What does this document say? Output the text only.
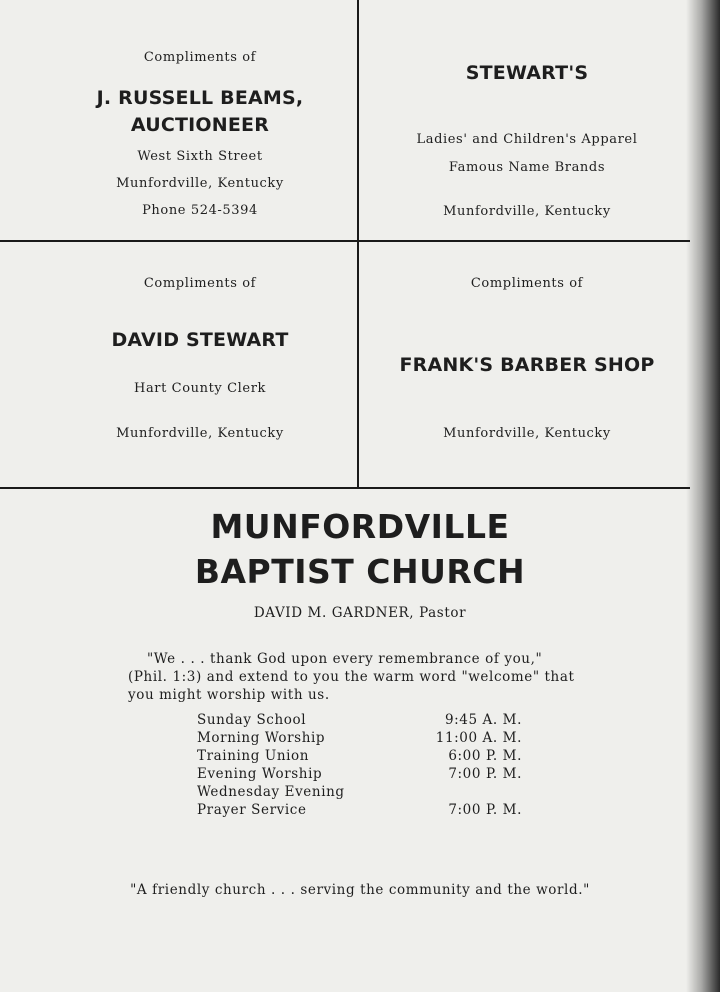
Compliments of
J. RUSSELL BEAMS,
AUCTIONEER
West Sixth Street
Munfordville, Kentucky
Phone 524-5394
STEWART'S
Ladies' and Children's Apparel
Famous Name Brands
Munfordville, Kentucky
Compliments of
DAVID STEWART
Hart County Clerk
Munfordville, Kentucky
Compliments of
FRANK'S BARBER SHOP
Munfordville, Kentucky
MUNFORDVILLE
BAPTIST CHURCH
DAVID M. GARDNER, Pastor
"We . . . thank God upon every remembrance of you,"
(Phil. 1:3) and extend to you the warm word "welcome" that
you might worship with us.
Sunday School	9:45 A. M.
Morning Worship	11:00 A. M.
Training Union	6:00 P. M.
Evening Worship	7:00 P. M.
Wednesday Evening
Prayer Service	7:00 P. M.
"A friendly church . . . serving the community and the world."
